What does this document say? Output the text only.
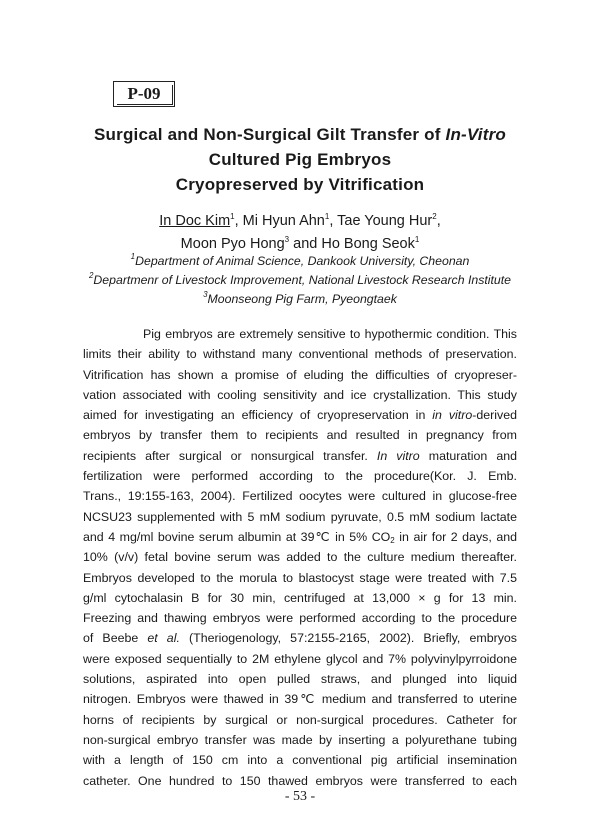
P-09
Surgical and Non-Surgical Gilt Transfer of In-Vitro
Cultured Pig Embryos
Cryopreserved by Vitrification
In Doc Kim$^1$, Mi Hyun Ahn$^1$, Tae Young Hur$^2$,
Moon Pyo Hong$^3$ and Ho Bong Seok$^1$
$^1$Department of Animal Science, Dankook University, Cheonan
$^2$Departmenr of Livestock Improvement, National Livestock Research Institute
$^3$Moonseong Pig Farm, Pyeongtaek
Pig embryos are extremely sensitive to hypothermic condition. This
limits their ability to withstand many conventional methods of preservation.
Vitrification has shown a promise of eluding the difficulties of cryopreser-
vation associated with cooling sensitivity and ice crystallization. This study
aimed for investigating an efficiency of cryopreservation in in vitro-derived
embryos by transfer them to recipients and resulted in pregnancy from
recipients after surgical or nonsurgical transfer. In vitro maturation and
fertilization were performed according to the procedure(Kor. J. Emb.
Trans., 19:155-163, 2004). Fertilized oocytes were cultured in glucose-free
NCSU23 supplemented with 5 mM sodium pyruvate, 0.5 mM sodium lactate
and 4 mg/ml bovine serum albumin at 39℃ in 5% $CO_2$ in air for 2 days, and
10% (v/v) fetal bovine serum was added to the culture medium thereafter.
Embryos developed to the morula to blastocyst stage were treated with 7.5
g/ml cytochalasin B for 30 min, centrifuged at 13,000 × g for 13 min.
Freezing and thawing embryos were performed according to the procedure
of Beebe et al. (Theriogenology, 57:2155-2165, 2002). Briefly, embryos
were exposed sequentially to 2M ethylene glycol and 7% polyvinylpyrroidone
solutions, aspirated into open pulled straws, and plunged into liquid
nitrogen. Embryos were thawed in 39℃ medium and transferred to uterine
horns of recipients by surgical or non-surgical procedures. Catheter for
non-surgical embryo transfer was made by inserting a polyurethane tubing
with a length of 150 cm into a conventional pig artificial insemination
catheter. One hundred to 150 thawed embryos were transferred to each
- 53 -
